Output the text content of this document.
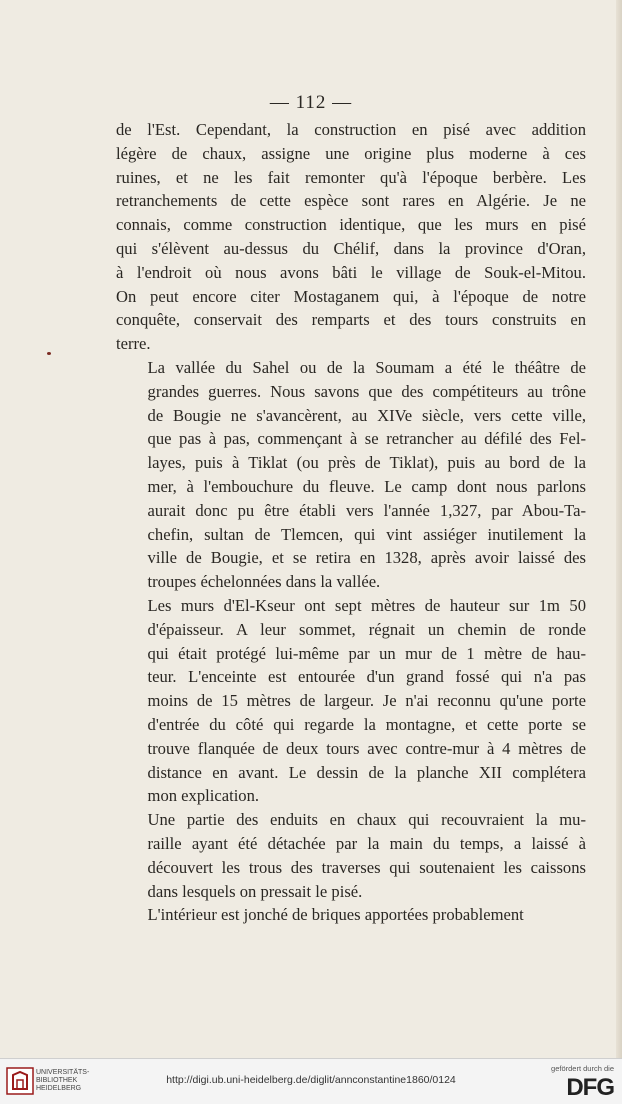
— 112 —

de l'Est. Cependant, la construction en pisé avec addition
légère de chaux, assigne une origine plus moderne à ces
ruines, et ne les fait remonter qu'à l'époque berbère. Les
retranchements de cette espèce sont rares en Algérie. Je ne
connais, comme construction identique, que les murs en pisé
qui s'élèvent au-dessus du Chélif, dans la province d'Oran,
à l'endroit où nous avons bâti le village de Souk-el-Mitou.
On peut encore citer Mostaganem qui, à l'époque de notre
conquête, conservait des remparts et des tours construits en
terre.

La vallée du Sahel ou de la Soumam a été le théâtre de
grandes guerres. Nous savons que des compétiteurs au trône
de Bougie ne s'avancèrent, au XIVe siècle, vers cette ville,
que pas à pas, commençant à se retrancher au défilé des Fel-
layes, puis à Tiklat (ou près de Tiklat), puis au bord de la
mer, à l'embouchure du fleuve. Le camp dont nous parlons
aurait donc pu être établi vers l'année 1,327, par Abou-Ta-
chefin, sultan de Tlemcen, qui vint assiéger inutilement la
ville de Bougie, et se retira en 1328, après avoir laissé des
troupes échelonnées dans la vallée.

Les murs d'El-Kseur ont sept mètres de hauteur sur 1m 50
d'épaisseur. A leur sommet, régnait un chemin de ronde
qui était protégé lui-même par un mur de 1 mètre de hau-
teur. L'enceinte est entourée d'un grand fossé qui n'a pas
moins de 15 mètres de largeur. Je n'ai reconnu qu'une porte
d'entrée du côté qui regarde la montagne, et cette porte se
trouve flanquée de deux tours avec contre-mur à 4 mètres de
distance en avant. Le dessin de la planche XII complétera
mon explication.

Une partie des enduits en chaux qui recouvraient la mu-
raille ayant été détachée par la main du temps, a laissé à
découvert les trous des traverses qui soutenaient les caissons
dans lesquels on pressait le pisé.

L'intérieur est jonché de briques apportées probablement

UNIVERSITÄTS-
BIBLIOTHEK
HEIDELBERG
http://digi.ub.uni-heidelberg.de/diglit/annconstantine1860/0124
gefördert durch die
DFG
